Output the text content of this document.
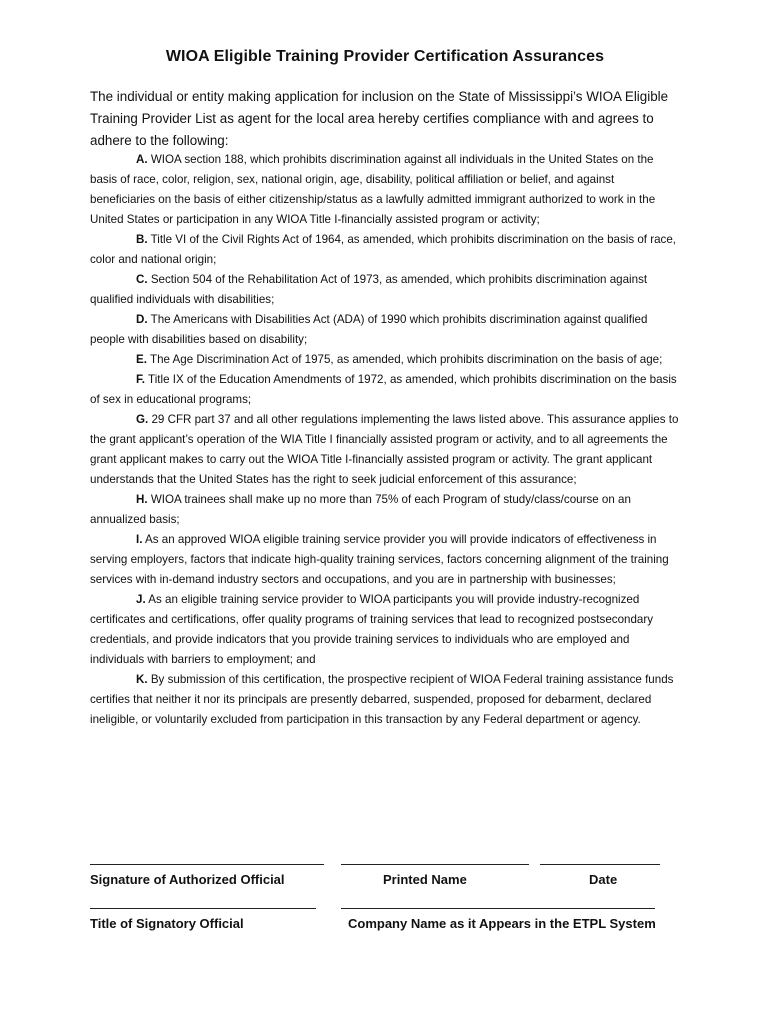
WIOA Eligible Training Provider Certification Assurances
The individual or entity making application for inclusion on the State of Mississippi’s WIOA Eligible Training Provider List as agent for the local area hereby certifies compliance with and agrees to adhere to the following:

A. WIOA section 188, which prohibits discrimination against all individuals in the United States on the basis of race, color, religion, sex, national origin, age, disability, political affiliation or belief, and against beneficiaries on the basis of either citizenship/status as a lawfully admitted immigrant authorized to work in the United States or participation in any WIOA Title I-financially assisted program or activity;

B. Title VI of the Civil Rights Act of 1964, as amended, which prohibits discrimination on the basis of race, color and national origin;

C. Section 504 of the Rehabilitation Act of 1973, as amended, which prohibits discrimination against qualified individuals with disabilities;

D. The Americans with Disabilities Act (ADA) of 1990 which prohibits discrimination against qualified people with disabilities based on disability;

E. The Age Discrimination Act of 1975, as amended, which prohibits discrimination on the basis of age;

F. Title IX of the Education Amendments of 1972, as amended, which prohibits discrimination on the basis of sex in educational programs;

G. 29 CFR part 37 and all other regulations implementing the laws listed above. This assurance applies to the grant applicant’s operation of the WIA Title I financially assisted program or activity, and to all agreements the grant applicant makes to carry out the WIOA Title I-financially assisted program or activity. The grant applicant understands that the United States has the right to seek judicial enforcement of this assurance;

H. WIOA trainees shall make up no more than 75% of each Program of study/class/course on an annualized basis;

I. As an approved WIOA eligible training service provider you will provide indicators of effectiveness in serving employers, factors that indicate high-quality training services, factors concerning alignment of the training services with in-demand industry sectors and occupations, and you are in partnership with businesses;

J. As an eligible training service provider to WIOA participants you will provide industry-recognized certificates and certifications, offer quality programs of training services that lead to recognized postsecondary credentials, and provide indicators that you provide training services to individuals who are employed and individuals with barriers to employment; and

K. By submission of this certification, the prospective recipient of WIOA Federal training assistance funds certifies that neither it nor its principals are presently debarred, suspended, proposed for debarment, declared ineligible, or voluntarily excluded from participation in this transaction by any Federal department or agency.

Signature of Authorized Official	Printed Name	Date
Title of Signatory Official	Company Name as it Appears in the ETPL System
